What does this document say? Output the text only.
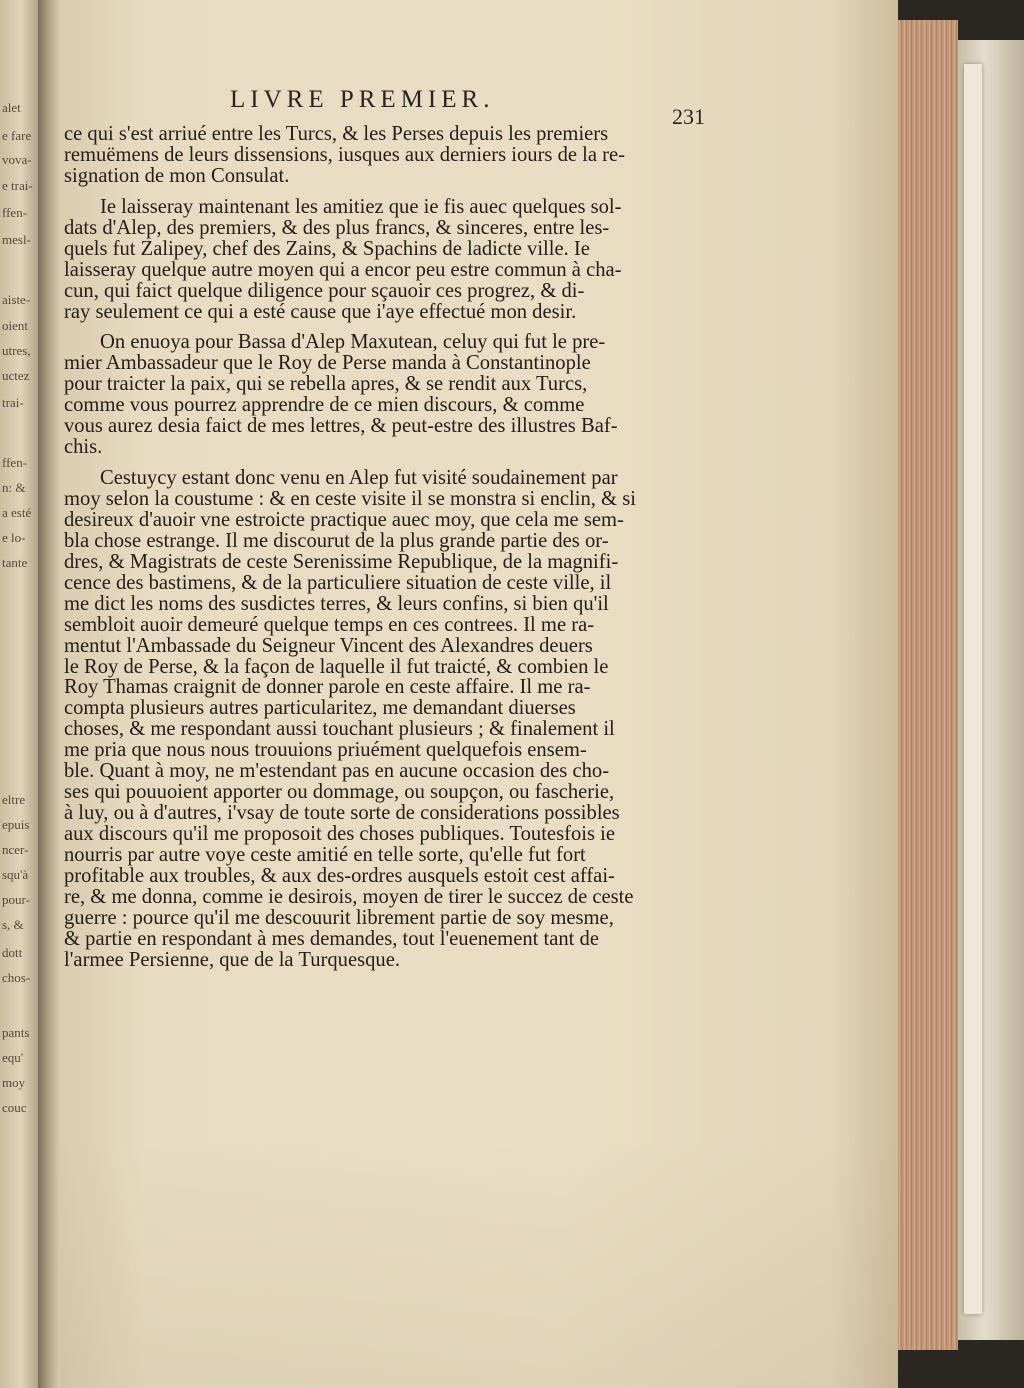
alet
e fare
vova-
e trai-
ffen-
mesl-
aiste-
oient
utres,
uctez
trai-
ffen-
n: &
a esté
e lo-
tante
eltre
epuis
ncer-
squ'à
pour-
s, &
dott
chos-
pants
equ'
moy
couc
LIVRE PREMIER.
231
ce qui s'est arriué entre les Turcs, & les Perses depuis les premiers
remuëmens de leurs dissensions, iusques aux derniers iours de la re-
signation de mon Consulat.
Ie laisseray maintenant les amitiez que ie fis auec quelques sol-
dats d'Alep, des premiers, & des plus francs, & sinceres, entre les-
quels fut Zalipey, chef des Zains, & Spachins de ladicte ville. Ie
laisseray quelque autre moyen qui a encor peu estre commun à cha-
cun, qui faict quelque diligence pour sçauoir ces progrez, & di-
ray seulement ce qui a esté cause que i'aye effectué mon desir.
On enuoya pour Bassa d'Alep Maxutean, celuy qui fut le pre-
mier Ambassadeur que le Roy de Perse manda à Constantinople
pour traicter la paix, qui se rebella apres, & se rendit aux Turcs,
comme vous pourrez apprendre de ce mien discours, & comme
vous aurez desia faict de mes lettres, & peut-estre des illustres Baf-
chis.
Cestuycy estant donc venu en Alep fut visité soudainement par
moy selon la coustume : & en ceste visite il se monstra si enclin, & si
desireux d'auoir vne estroicte practique auec moy, que cela me sem-
bla chose estrange. Il me discourut de la plus grande partie des or-
dres, & Magistrats de ceste Serenissime Republique, de la magnifi-
cence des bastimens, & de la particuliere situation de ceste ville, il
me dict les noms des susdictes terres, & leurs confins, si bien qu'il
sembloit auoir demeuré quelque temps en ces contrees. Il me ra-
mentut l'Ambassade du Seigneur Vincent des Alexandres deuers
le Roy de Perse, & la façon de laquelle il fut traicté, & combien le
Roy Thamas craignit de donner parole en ceste affaire. Il me ra-
compta plusieurs autres particularitez, me demandant diuerses
choses, & me respondant aussi touchant plusieurs ; & finalement il
me pria que nous nous trouuions priuément quelquefois ensem-
ble. Quant à moy, ne m'estendant pas en aucune occasion des cho-
ses qui pouuoient apporter ou dommage, ou soupçon, ou fascherie,
à luy, ou à d'autres, i'vsay de toute sorte de considerations possibles
aux discours qu'il me proposoit des choses publiques. Toutesfois ie
nourris par autre voye ceste amitié en telle sorte, qu'elle fut fort
profitable aux troubles, & aux des-ordres ausquels estoit cest affai-
re, & me donna, comme ie desirois, moyen de tirer le succez de ceste
guerre : pource qu'il me descouurit librement partie de soy mesme,
& partie en respondant à mes demandes, tout l'euenement tant de
l'armee Persienne, que de la Turquesque.
